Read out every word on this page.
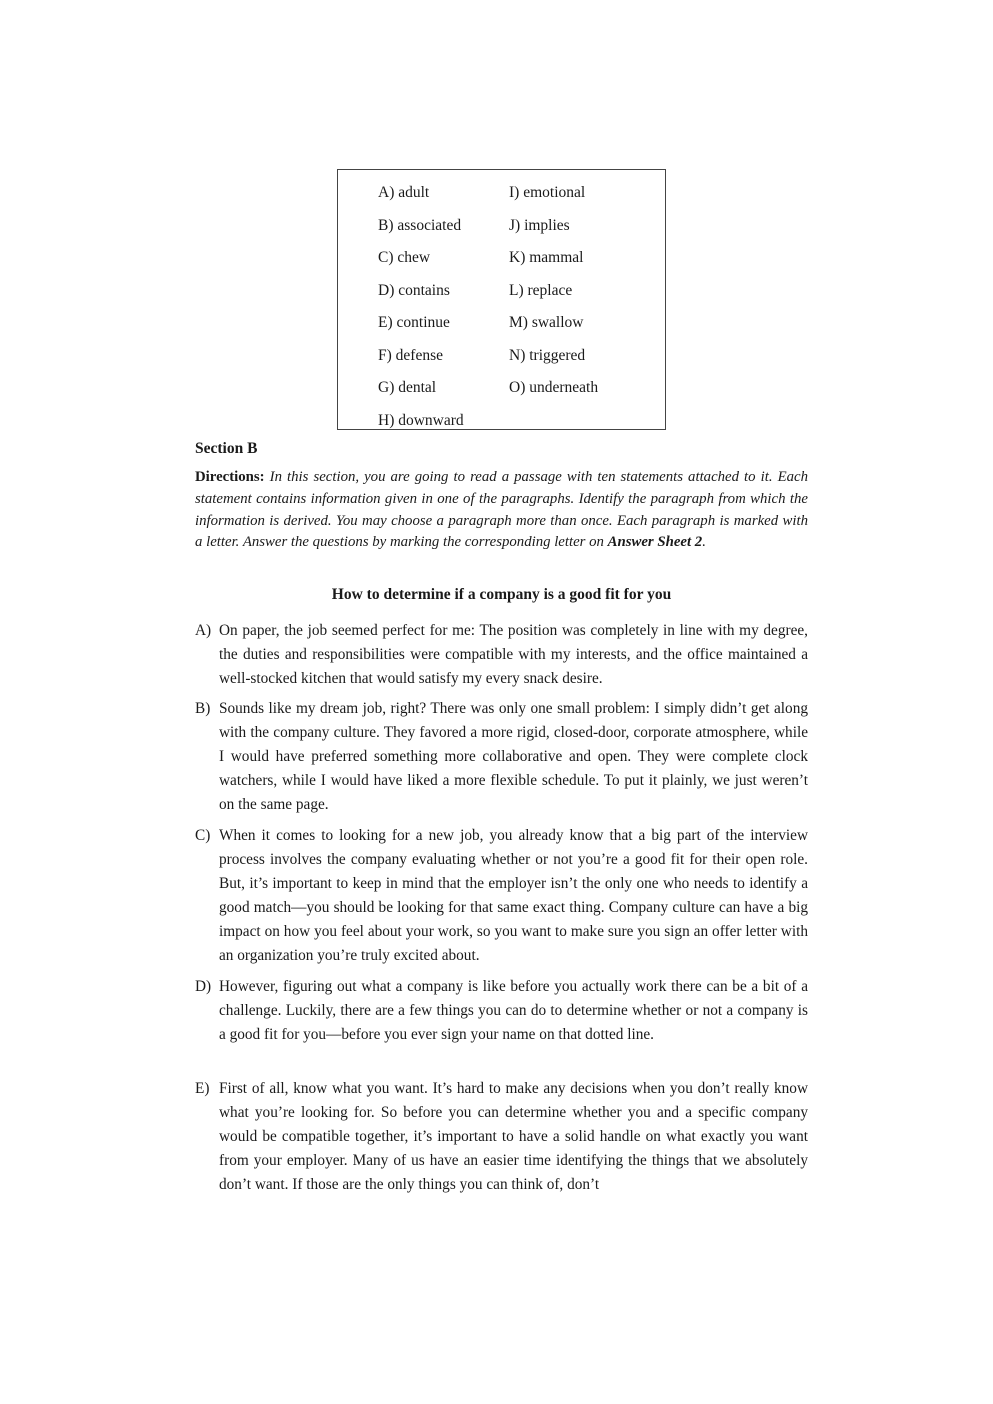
A) adult
B) associated
C) chew
D) contains
E) continue
F) defense
G) dental
H) downward
I) emotional
J) implies
K) mammal
L) replace
M) swallow
N) triggered
O) underneath
Section B
Directions: In this section, you are going to read a passage with ten statements attached to it. Each statement contains information given in one of the paragraphs. Identify the paragraph from which the information is derived. You may choose a paragraph more than once. Each paragraph is marked with a letter. Answer the questions by marking the corresponding letter on Answer Sheet 2.
How to determine if a company is a good fit for you
A) On paper, the job seemed perfect for me: The position was completely in line with my degree, the duties and responsibilities were compatible with my interests, and the office maintained a well-stocked kitchen that would satisfy my every snack desire.
B) Sounds like my dream job, right? There was only one small problem: I simply didn’t get along with the company culture. They favored a more rigid, closed-door, corporate atmosphere, while I would have preferred something more collaborative and open. They were complete clock watchers, while I would have liked a more flexible schedule. To put it plainly, we just weren’t on the same page.
C) When it comes to looking for a new job, you already know that a big part of the interview process involves the company evaluating whether or not you’re a good fit for their open role. But, it’s important to keep in mind that the employer isn’t the only one who needs to identify a good match—you should be looking for that same exact thing. Company culture can have a big impact on how you feel about your work, so you want to make sure you sign an offer letter with an organization you’re truly excited about.
D) However, figuring out what a company is like before you actually work there can be a bit of a challenge. Luckily, there are a few things you can do to determine whether or not a company is a good fit for you—before you ever sign your name on that dotted line.
E) First of all, know what you want. It’s hard to make any decisions when you don’t really know what you’re looking for. So before you can determine whether you and a specific company would be compatible together, it’s important to have a solid handle on what exactly you want from your employer. Many of us have an easier time identifying the things that we absolutely don’t want. If those are the only things you can think of, don’t
